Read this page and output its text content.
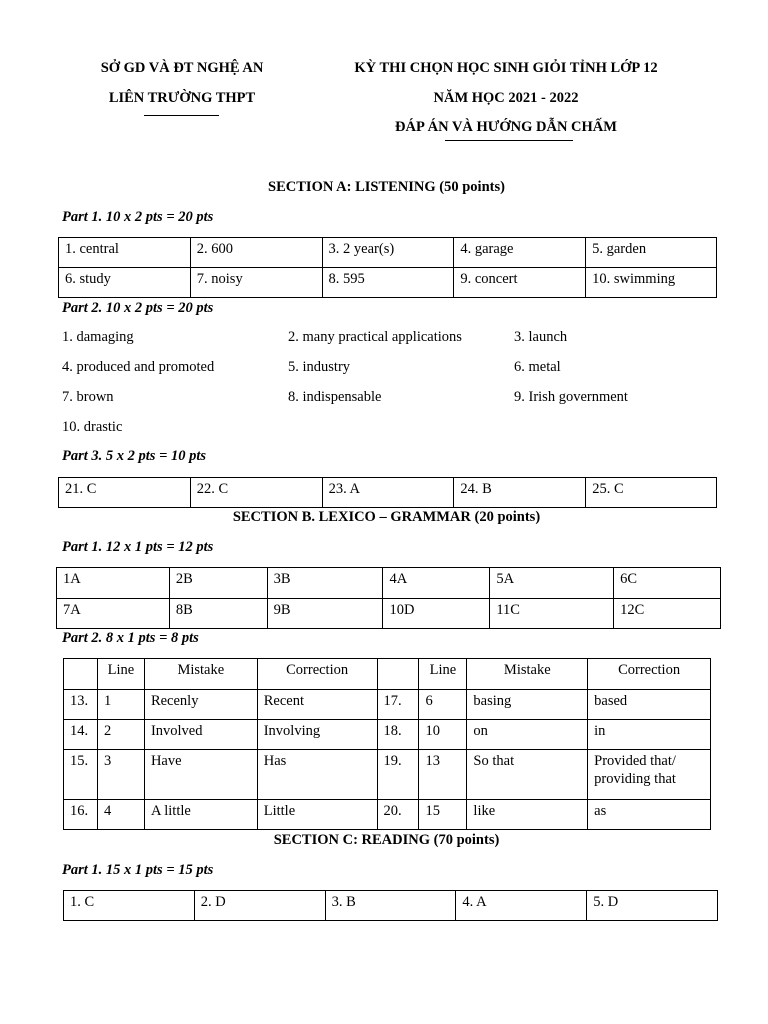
SỞ GD VÀ ĐT NGHỆ AN
LIÊN TRƯỜNG THPT
KỲ THI CHỌN HỌC SINH GIỎI TỈNH LỚP 12
NĂM HỌC 2021 - 2022
ĐÁP ÁN VÀ HƯỚNG DẪN CHẤM
SECTION A: LISTENING (50 points)
Part 1. 10 x 2 pts = 20 pts
1. central	2. 600	3. 2 year(s)	4. garage	5. garden
6. study	7. noisy	8. 595	9. concert	10. swimming
Part 2. 10 x 2 pts = 20 pts
1. damaging	2. many practical applications	3. launch
4. produced and promoted	5. industry	6. metal
7. brown	8. indispensable	9. Irish government
10. drastic
Part 3. 5 x 2 pts = 10 pts
21. C	22. C	23. A	24. B	25. C
SECTION B. LEXICO – GRAMMAR (20 points)
Part 1. 12 x 1 pts = 12 pts
1A	2B	3B	4A	5A	6C
7A	8B	9B	10D	11C	12C
Part 2. 8 x 1 pts = 8 pts
	Line	Mistake	Correction		Line	Mistake	Correction
13.	1	Recenly	Recent	17.	6	basing	based
14.	2	Involved	Involving	18.	10	on	in
15.	3	Have	Has	19.	13	So that	Provided that/ providing that
16.	4	A little	Little	20.	15	like	as
SECTION C: READING (70 points)
Part 1. 15 x 1 pts = 15 pts
1. C	2. D	3. B	4. A	5. D
